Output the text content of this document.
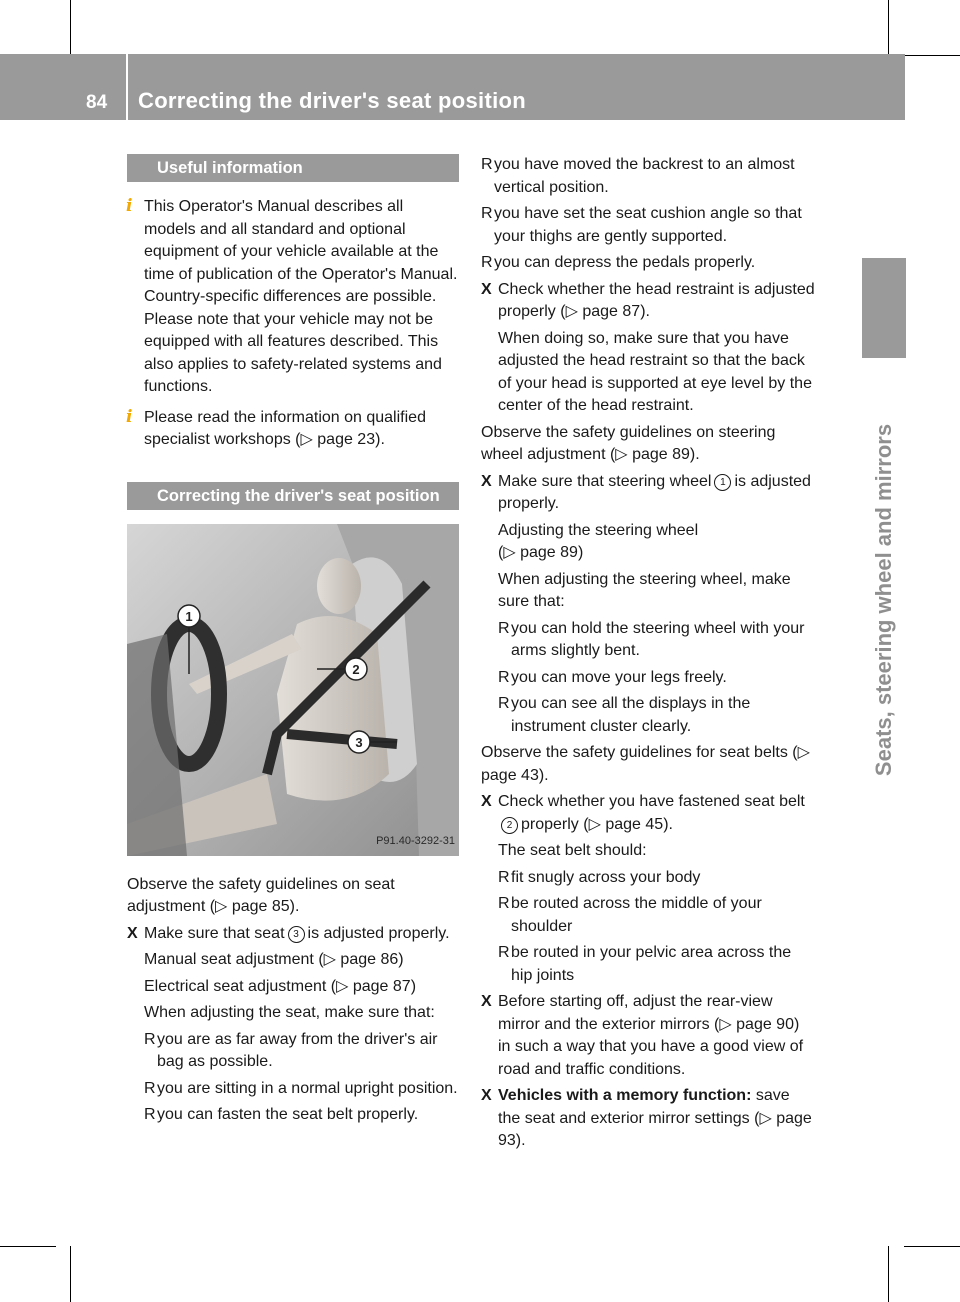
84 Correcting the driver's seat position
Seats, steering wheel and mirrors
Useful information
i This Operator's Manual describes all models and all standard and optional equipment of your vehicle available at the time of publication of the Operator's Manual. Country-specific differences are possible. Please note that your vehicle may not be equipped with all features described. This also applies to safety-related systems and functions.
i Please read the information on qualified specialist workshops (▷ page 23).
Correcting the driver's seat position
1
2
3
P91.40-3292-31

Observe the safety guidelines on seat adjustment (▷ page 85).

X Make sure that seat 3 is adjusted properly.
Manual seat adjustment (▷ page 86)
Electrical seat adjustment (▷ page 87)
When adjusting the seat, make sure that:
R you are as far away from the driver's air bag as possible.
R you are sitting in a normal upright position.
R you can fasten the seat belt properly.
R you have moved the backrest to an almost vertical position.
R you have set the seat cushion angle so that your thighs are gently supported.
R you can depress the pedals properly.
X Check whether the head restraint is adjusted properly (▷ page 87).
When doing so, make sure that you have adjusted the head restraint so that the back of your head is supported at eye level by the center of the head restraint.

Observe the safety guidelines on steering wheel adjustment (▷ page 89).

X Make sure that steering wheel 1 is adjusted properly.
Adjusting the steering wheel
(▷ page 89)
When adjusting the steering wheel, make sure that:
R you can hold the steering wheel with your arms slightly bent.
R you can move your legs freely.
R you can see all the displays in the instrument cluster clearly.

Observe the safety guidelines for seat belts (▷ page 43).

X Check whether you have fastened seat belt2 properly (▷ page 45).
The seat belt should:
R fit snugly across your body
R be routed across the middle of your shoulder
R be routed in your pelvic area across the hip joints
X Before starting off, adjust the rear-view mirror and the exterior mirrors (▷ page 90) in such a way that you have a good view of road and traffic conditions.
X Vehicles with a memory function: save the seat and exterior mirror settings (▷ page 93).
